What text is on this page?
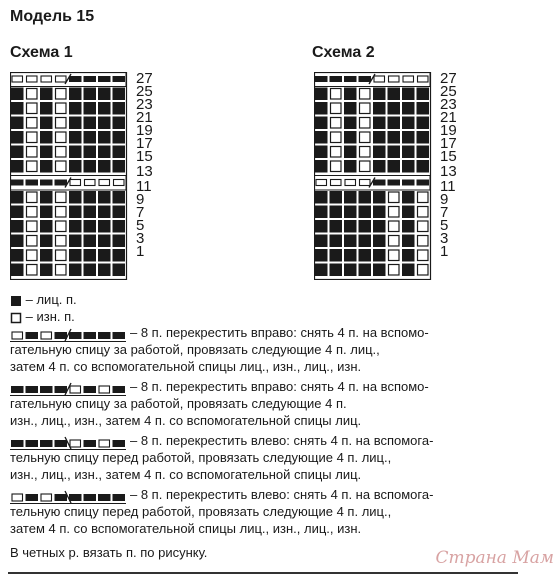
Модель 15
Схема 1	Схема 2
27
25
23
21
19
17
15
13
11
9
7
5
3
1
27
25
23
21
19
17
15
13
11
9
7
5
3
1
– лиц. п.
– изн. п.
– 8 п. перекрестить вправо: снять 4 п. на вспомо-
гательную спицу за работой, провязать следующие 4 п. лиц.,
затем 4 п. со вспомогательной спицы лиц., изн., лиц., изн.
– 8 п. перекрестить вправо: снять 4 п. на вспомо-
гательную спицу за работой, провязать следующие 4 п.
изн., лиц., изн., затем 4 п. со вспомогательной спицы лиц.
– 8 п. перекрестить влево: снять 4 п. на вспомога-
тельную спицу перед работой, провязать следующие 4 п. лиц.,
изн., лиц., изн., затем 4 п. со вспомогательной спицы лиц.
– 8 п. перекрестить влево: снять 4 п. на вспомога-
тельную спицу перед работой, провязать следующие 4 п. лиц.,
затем 4 п. со вспомогательной спицы лиц., изн., лиц., изн.
В четных р. вязать п. по рисунку.	Страна Мам
